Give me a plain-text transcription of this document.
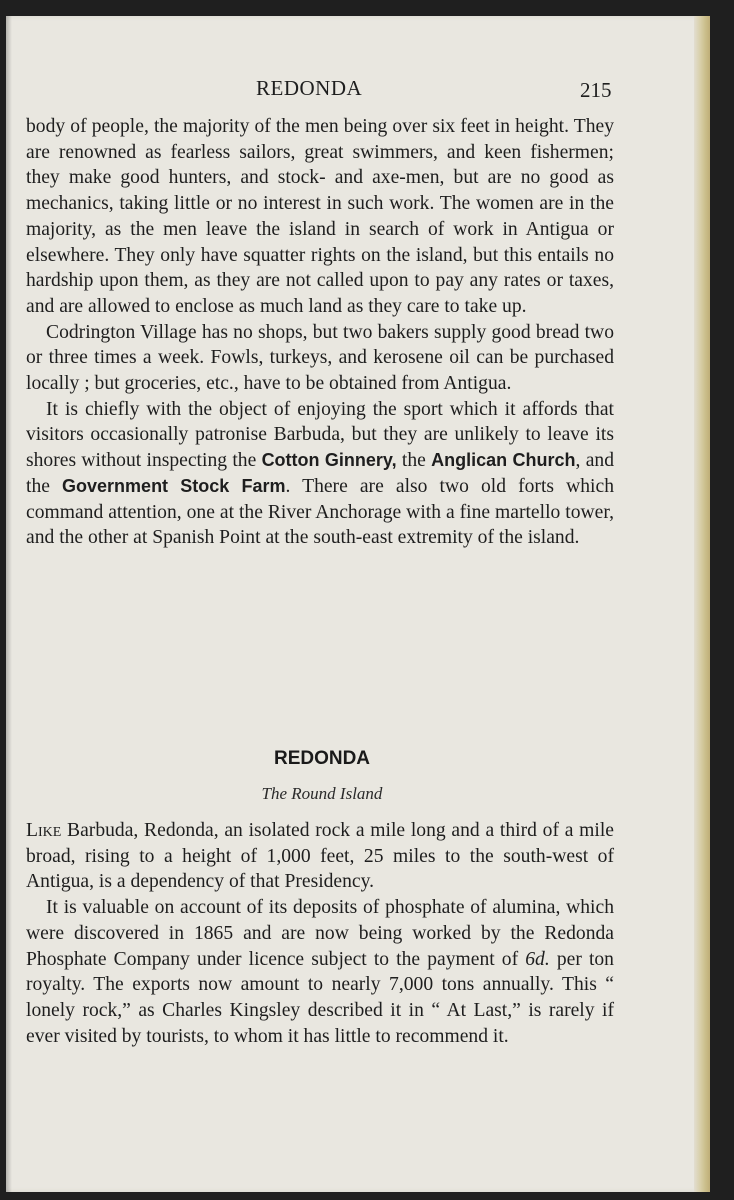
REDONDA	215

body of people, the majority of the men being over six feet in height. They are renowned as fearless sailors, great swimmers, and keen fishermen; they make good hunters, and stock- and axe-men, but are no good as mechanics, taking little or no interest in such work. The women are in the majority, as the men leave the island in search of work in Antigua or elsewhere. They only have squatter rights on the island, but this entails no hardship upon them, as they are not called upon to pay any rates or taxes, and are allowed to enclose as much land as they care to take up.

Codrington Village has no shops, but two bakers supply good bread two or three times a week. Fowls, turkeys, and kerosene oil can be purchased locally ; but groceries, etc., have to be obtained from Antigua.

It is chiefly with the object of enjoying the sport which it affords that visitors occasionally patronise Barbuda, but they are unlikely to leave its shores without inspecting the Cotton Ginnery, the Anglican Church, and the Government Stock Farm. There are also two old forts which command attention, one at the River Anchorage with a fine martello tower, and the other at Spanish Point at the south-east extremity of the island.

REDONDA
The Round Island

Like Barbuda, Redonda, an isolated rock a mile long and a third of a mile broad, rising to a height of 1,000 feet, 25 miles to the south-west of Antigua, is a dependency of that Presidency.

It is valuable on account of its deposits of phosphate of alumina, which were discovered in 1865 and are now being worked by the Redonda Phosphate Company under licence subject to the payment of 6d. per ton royalty. The exports now amount to nearly 7,000 tons annually. This “ lonely rock,” as Charles Kingsley described it in “ At Last,” is rarely if ever visited by tourists, to whom it has little to recommend it.
